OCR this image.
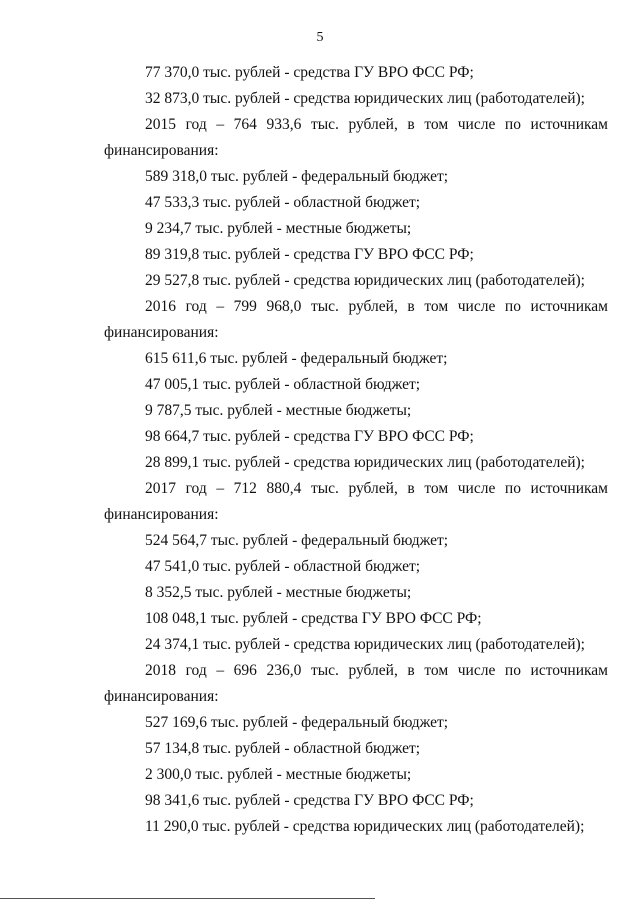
5
77 370,0 тыс. рублей - средства ГУ ВРО ФСС РФ;
32 873,0 тыс. рублей - средства юридических лиц (работодателей);
2015 год – 764 933,6 тыс. рублей, в том числе по источникам
финансирования:
589 318,0 тыс. рублей - федеральный бюджет;
47 533,3 тыс. рублей - областной бюджет;
9 234,7 тыс. рублей - местные бюджеты;
89 319,8 тыс. рублей - средства ГУ ВРО ФСС РФ;
29 527,8 тыс. рублей - средства юридических лиц (работодателей);
2016 год – 799 968,0 тыс. рублей, в том числе по источникам
финансирования:
615 611,6 тыс. рублей - федеральный бюджет;
47 005,1 тыс. рублей - областной бюджет;
9 787,5 тыс. рублей - местные бюджеты;
98 664,7 тыс. рублей - средства ГУ ВРО ФСС РФ;
28 899,1 тыс. рублей - средства юридических лиц (работодателей);
2017 год – 712 880,4 тыс. рублей, в том числе по источникам
финансирования:
524 564,7 тыс. рублей - федеральный бюджет;
47 541,0 тыс. рублей - областной бюджет;
8 352,5 тыс. рублей - местные бюджеты;
108 048,1 тыс. рублей - средства ГУ ВРО ФСС РФ;
24 374,1 тыс. рублей - средства юридических лиц (работодателей);
2018 год – 696 236,0 тыс. рублей, в том числе по источникам
финансирования:
527 169,6 тыс. рублей - федеральный бюджет;
57 134,8 тыс. рублей - областной бюджет;
2 300,0 тыс. рублей - местные бюджеты;
98 341,6 тыс. рублей - средства ГУ ВРО ФСС РФ;
11 290,0 тыс. рублей - средства юридических лиц (работодателей);
